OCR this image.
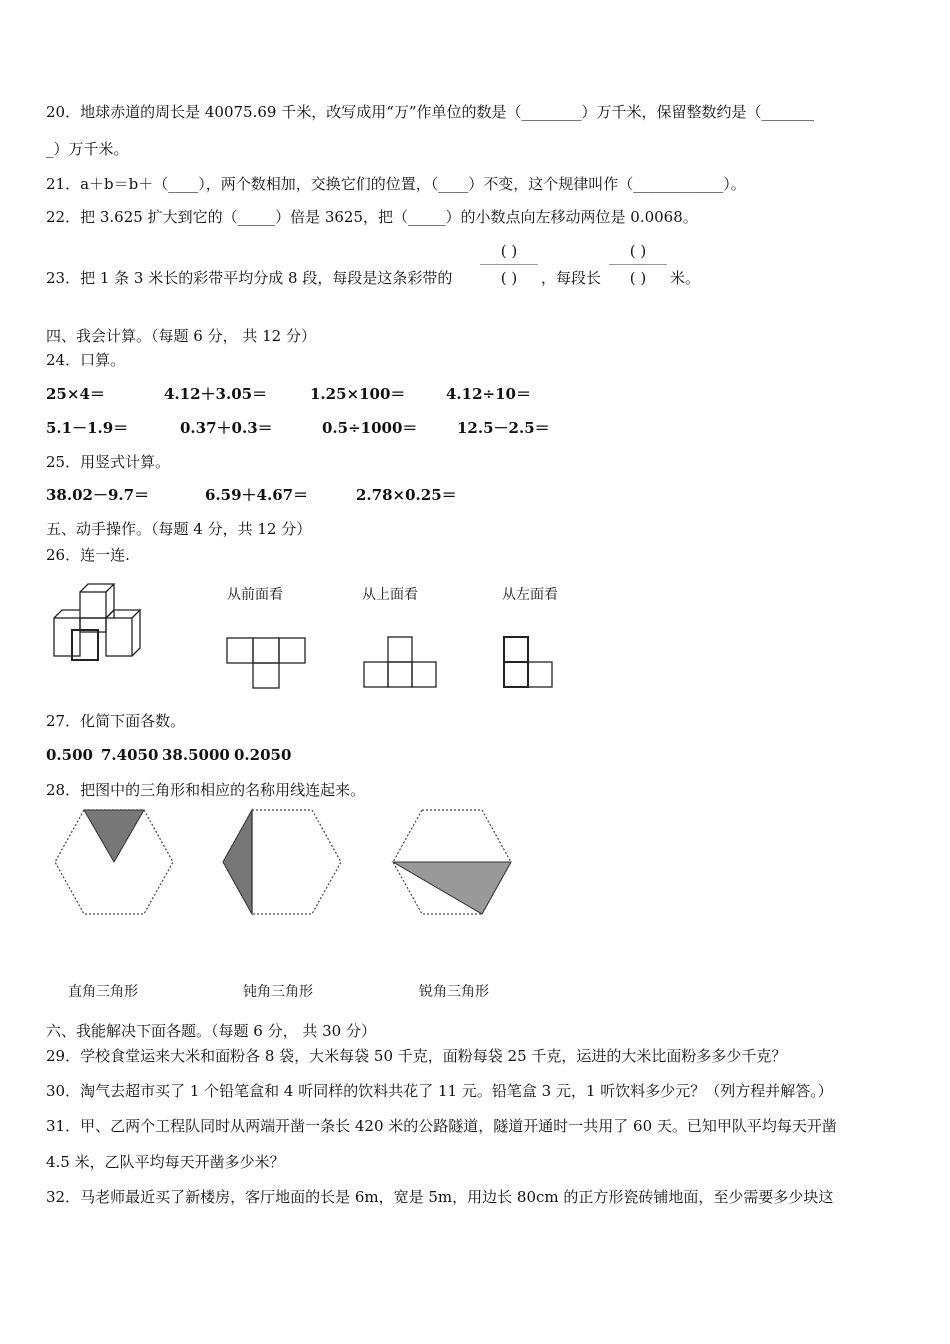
20．地球赤道的周长是 40075.69 千米，改写成用“万”作单位的数是（________）万千米，保留整数约是（_______
_）万千米。
21．a＋b＝b＋（____），两个数相加，交换它们的位置，（____）不变，这个规律叫作（____________）。
22．把 3.625 扩大到它的（_____）倍是 3625，把（_____）的小数点向左移动两位是 0.0068。
23．把 1 条 3 米长的彩带平均分成 8 段，每段是这条彩带的
( )
( )	，每段长
( )
( )	米。
四、我会计算。（每题 6 分， 共 12 分）
24．口算。
25×4＝	4.12＋3.05＝	1.25×100＝	4.12÷10＝
5.1－1.9＝	0.37＋0.3＝	0.5÷1000＝	12.5－2.5＝
25．用竖式计算。
38.02－9.7＝	6.59＋4.67＝	2.78×0.25＝
五、动手操作。（每题 4 分，共 12 分）
26．连一连.
从前面看	从上面看	从左面看
27．化简下面各数。
0.500 7.4050 38.5000 0.2050
28．把图中的三角形和相应的名称用线连起来。
直角三角形	钝角三角形	锐角三角形
六、我能解决下面各题。（每题 6 分， 共 30 分）
29．学校食堂运来大米和面粉各 8 袋，大米每袋 50 千克，面粉每袋 25 千克，运进的大米比面粉多多少千克？
30．淘气去超市买了 1 个铅笔盒和 4 听同样的饮料共花了 11 元。铅笔盒 3 元，1 听饮料多少元？（列方程并解答。）
31．甲、乙两个工程队同时从两端开凿一条长 420 米的公路隧道，隧道开通时一共用了 60 天。已知甲队平均每天开凿
4.5 米，乙队平均每天开凿多少米？
32．马老师最近买了新楼房，客厅地面的长是 6m，宽是 5m，用边长 80cm 的正方形瓷砖铺地面，至少需要多少块这
